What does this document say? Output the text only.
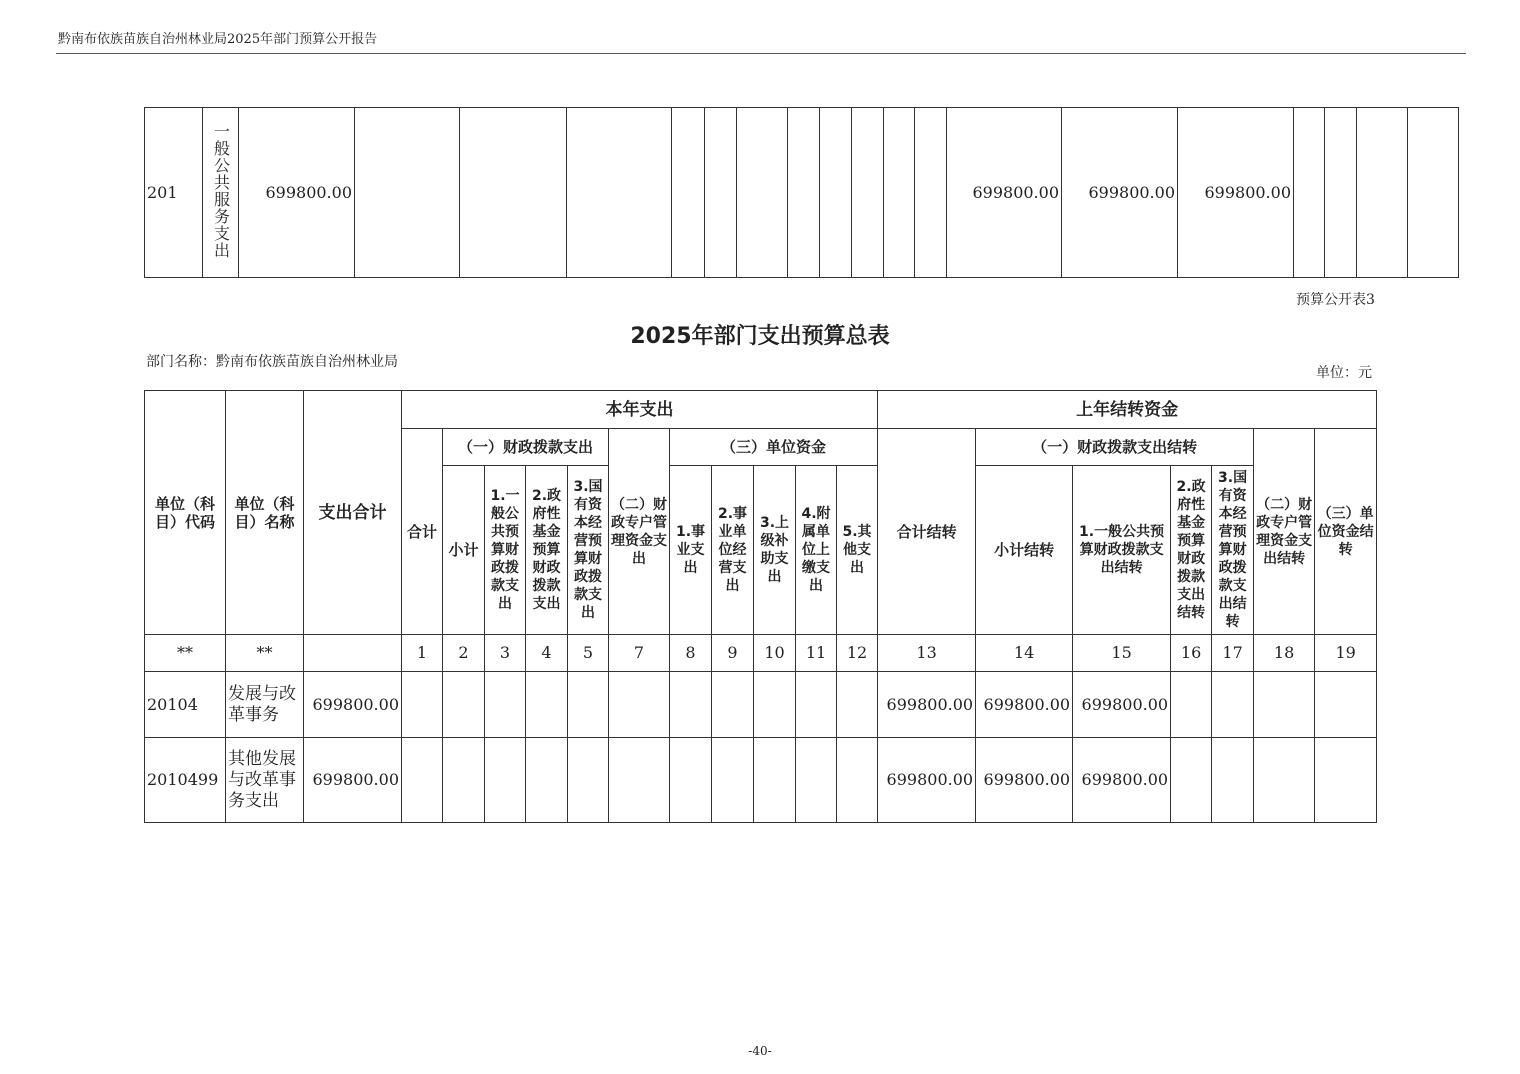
黔南布依族苗族自治州林业局2025年部门预算公开报告
201	一般公共服务支出	699800.00												699800.00	699800.00	699800.00				
预算公开表3
2025年部门支出预算总表
部门名称：黔南布依族苗族自治州林业局
单位：元
单位（科目）代码	单位（科目）名称	支出合计	本年支出											上年结转资金						
			合计	（一）财政拨款支出				（二）财政专户管理资金支出	（三）单位资金					合计结转	（一）财政拨款支出结转				（二）财政专户管理资金支出结转	（三）单位资金结转
				小计	1.一般公共预算财政拨款支出	2.政府性基金预算财政拨款支出	3.国有资本经营预算财政拨款支出		1.事业支出	2.事业单位经营支出	3.上级补助支出	4.附属单位上缴支出	5.其他支出		小计结转	1.一般公共预算财政拨款支出结转	2.政府性基金预算财政拨款支出结转	3.国有资本经营预算财政拨款支出结转		
**	**		1	2	3	4	5	7	8	9	10	11	12	13	14	15	16	17	18	19
20104	发展与改革事务	699800.00												699800.00	699800.00	699800.00				
2010499	其他发展与改革事务支出	699800.00												699800.00	699800.00	699800.00				
-40-
